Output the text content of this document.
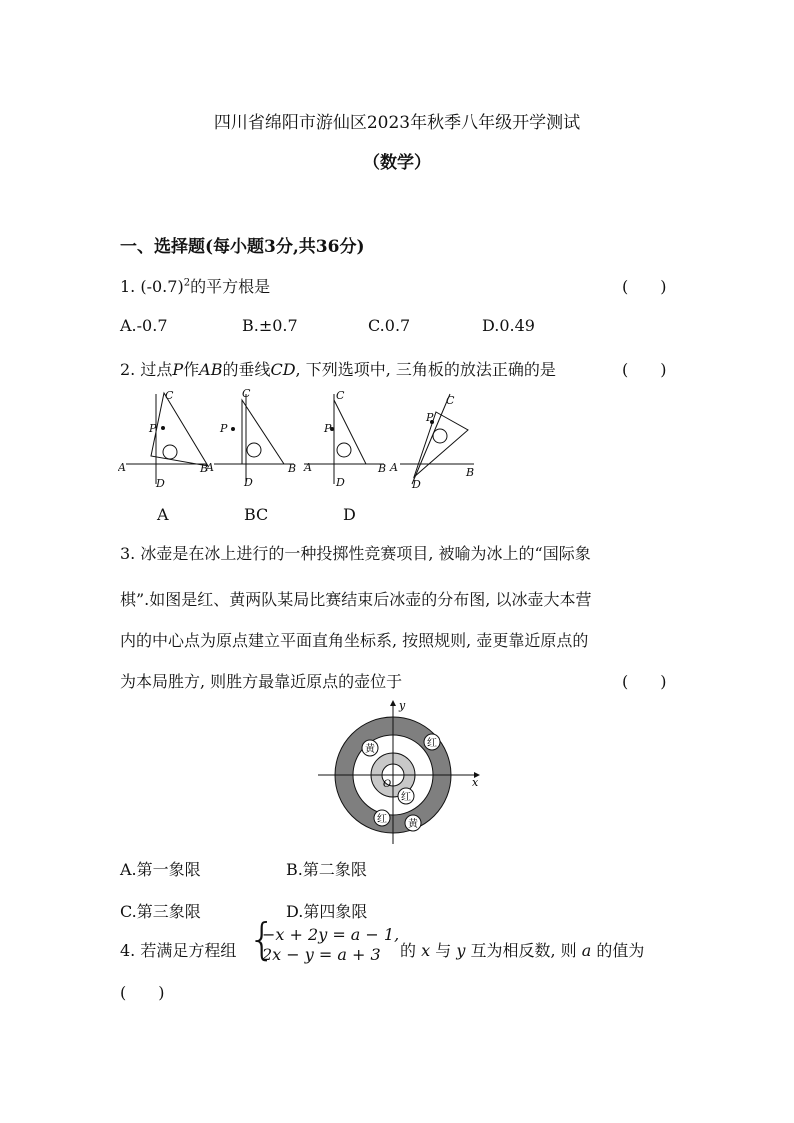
四川省绵阳市游仙区2023年秋季八年级开学测试
（数学）
一、选择题(每小题3分,共36分)
1. $(-0.7)^2$的平方根是	(　　)
A.-0.7	B.±0.7	C.0.7	D.0.49
2. 过点P作AB的垂线CD, 下列选项中, 三角板的放法正确的是	(　　)
C
P
A	B
D
C
P
A	B
D
C
P
A	B
D
C
P
A	B
D
A	BC	D
3. 冰壶是在冰上进行的一种投掷性竞赛项目, 被喻为冰上的“国际象
棋”.如图是红、黄两队某局比赛结束后冰壶的分布图, 以冰壶大本营
内的中心点为原点建立平面直角坐标系, 按照规则, 壶更靠近原点的
为本局胜方, 则胜方最靠近原点的壶位于	(　　)
y
x
O
黄
红
红
红 黄
A.第一象限	B.第二象限
C.第三象限	D.第四象限
4. 若满足方程组 {
−x + 2y = a − 1,
2x − y = a + 3	的 x 与 y 互为相反数, 则 a 的值为
(　　)
